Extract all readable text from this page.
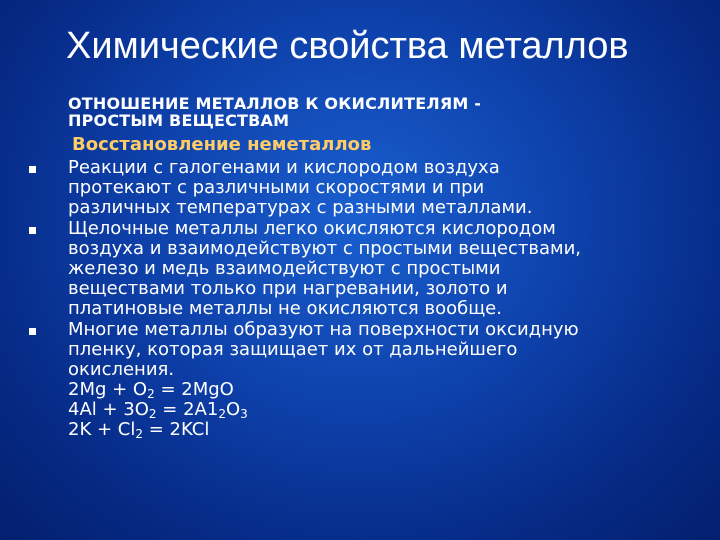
Химические свойства металлов
ОТНОШЕНИЕ МЕТАЛЛОВ К ОКИСЛИТЕЛЯМ -
ПРОСТЫМ ВЕЩЕСТВАМ
Восстановление неметаллов
Реакции с галогенами и кислородом воздуха
протекают с различными скоростями и при
различных температурах с разными металлами.
Щелочные металлы легко окисляются кислородом
воздуха и взаимодействуют с простыми веществами,
железо и медь взаимодействуют с простыми
веществами только при нагревании, золото и
платиновые металлы не окисляются вообще.
Многие металлы образуют на поверхности оксидную
пленку, которая защищает их от дальнейшего
окисления.
$2Mg + O_2 = 2MgO$
$4Al + 3O_2 = 2A1_2O_3$
$2K + Cl_2 = 2KCl$
